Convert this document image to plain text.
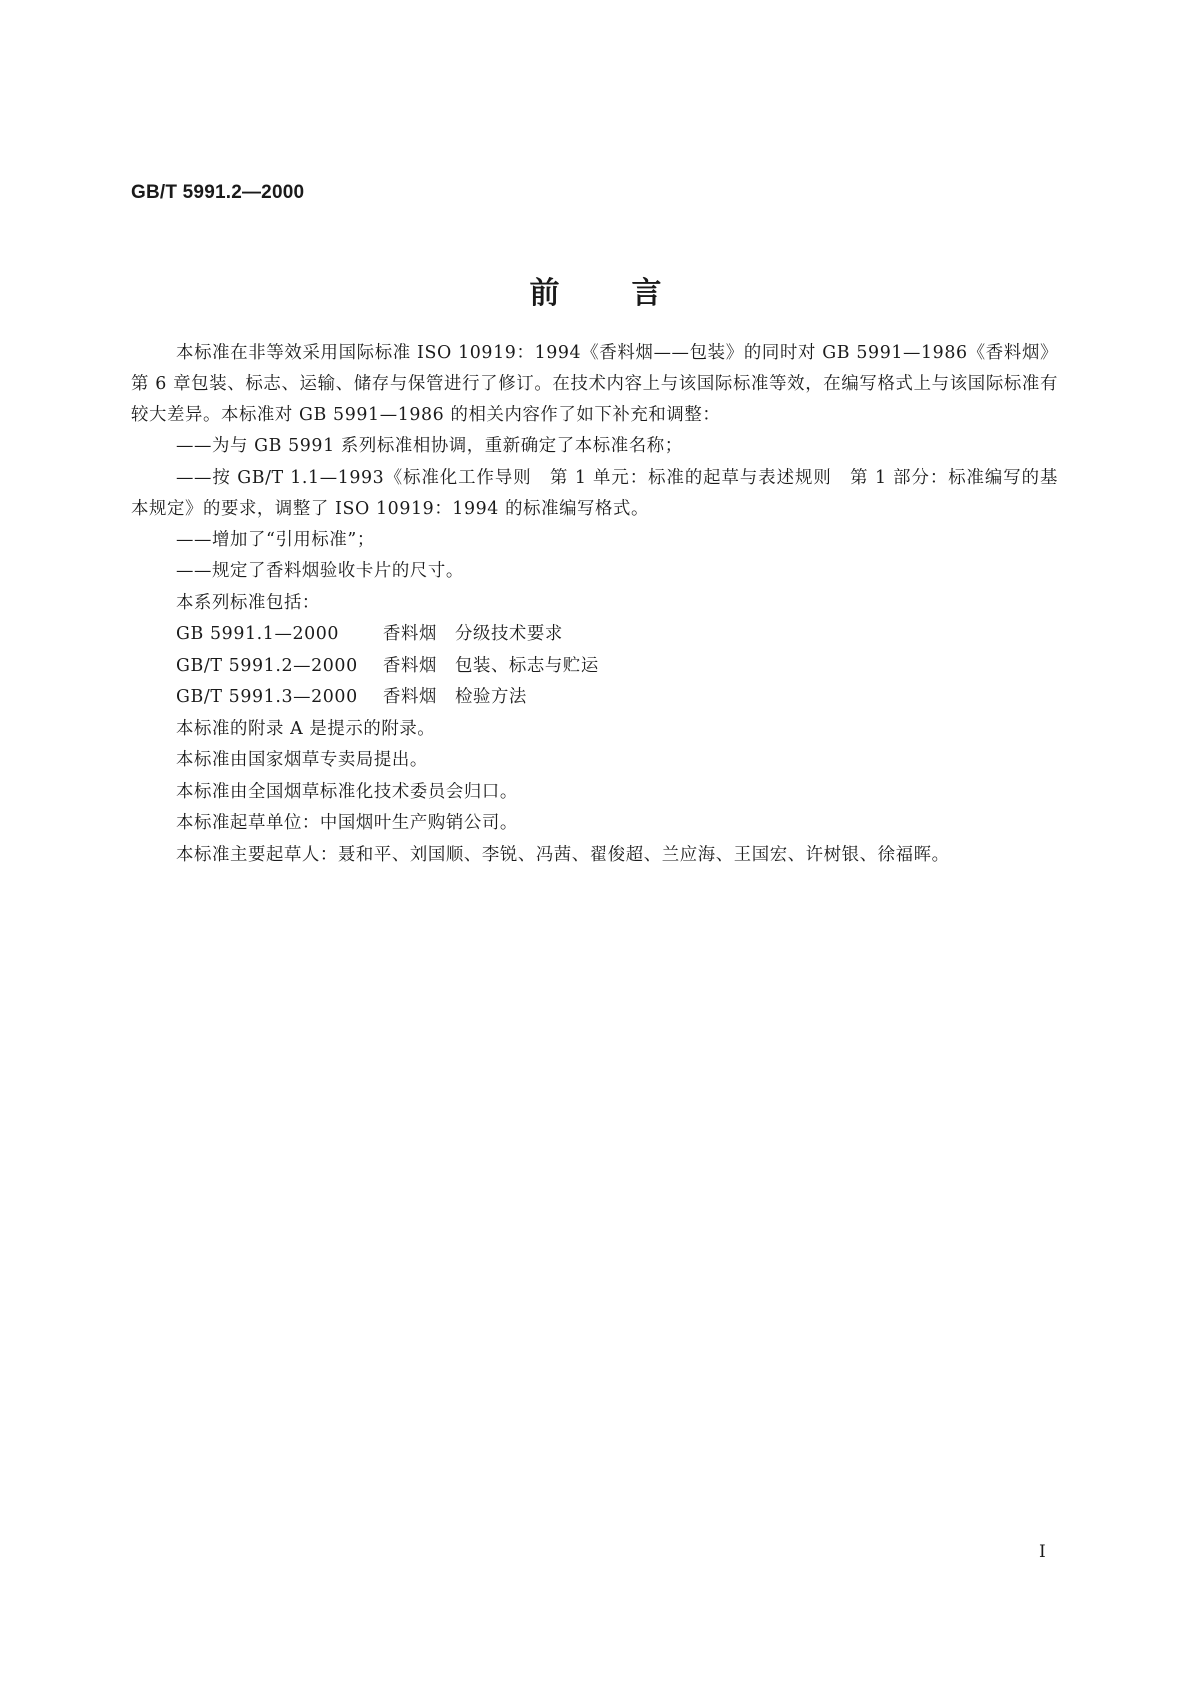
GB/T 5991.2—2000
前言

本标准在非等效采用国际标准 ISO 10919：1994《香料烟——包装》的同时对 GB 5991—1986《香料烟》第 6 章包装、标志、运输、储存与保管进行了修订。在技术内容上与该国际标准等效，在编写格式上与该国际标准有较大差异。本标准对 GB 5991—1986 的相关内容作了如下补充和调整：

——为与 GB 5991 系列标准相协调，重新确定了本标准名称；

——按 GB/T 1.1—1993《标准化工作导则　第 1 单元：标准的起草与表述规则　第 1 部分：标准编写的基本规定》的要求，调整了 ISO 10919：1994 的标准编写格式。

——增加了“引用标准”；

——规定了香料烟验收卡片的尺寸。

本系列标准包括：

GB 5991.1—2000	香料烟　分级技术要求

GB/T 5991.2—2000 香料烟　包装、标志与贮运

GB/T 5991.3—2000 香料烟　检验方法

本标准的附录 A 是提示的附录。

本标准由国家烟草专卖局提出。

本标准由全国烟草标准化技术委员会归口。

本标准起草单位：中国烟叶生产购销公司。

本标准主要起草人：聂和平、刘国顺、李锐、冯茜、翟俊超、兰应海、王国宏、许树银、徐福晖。

I
